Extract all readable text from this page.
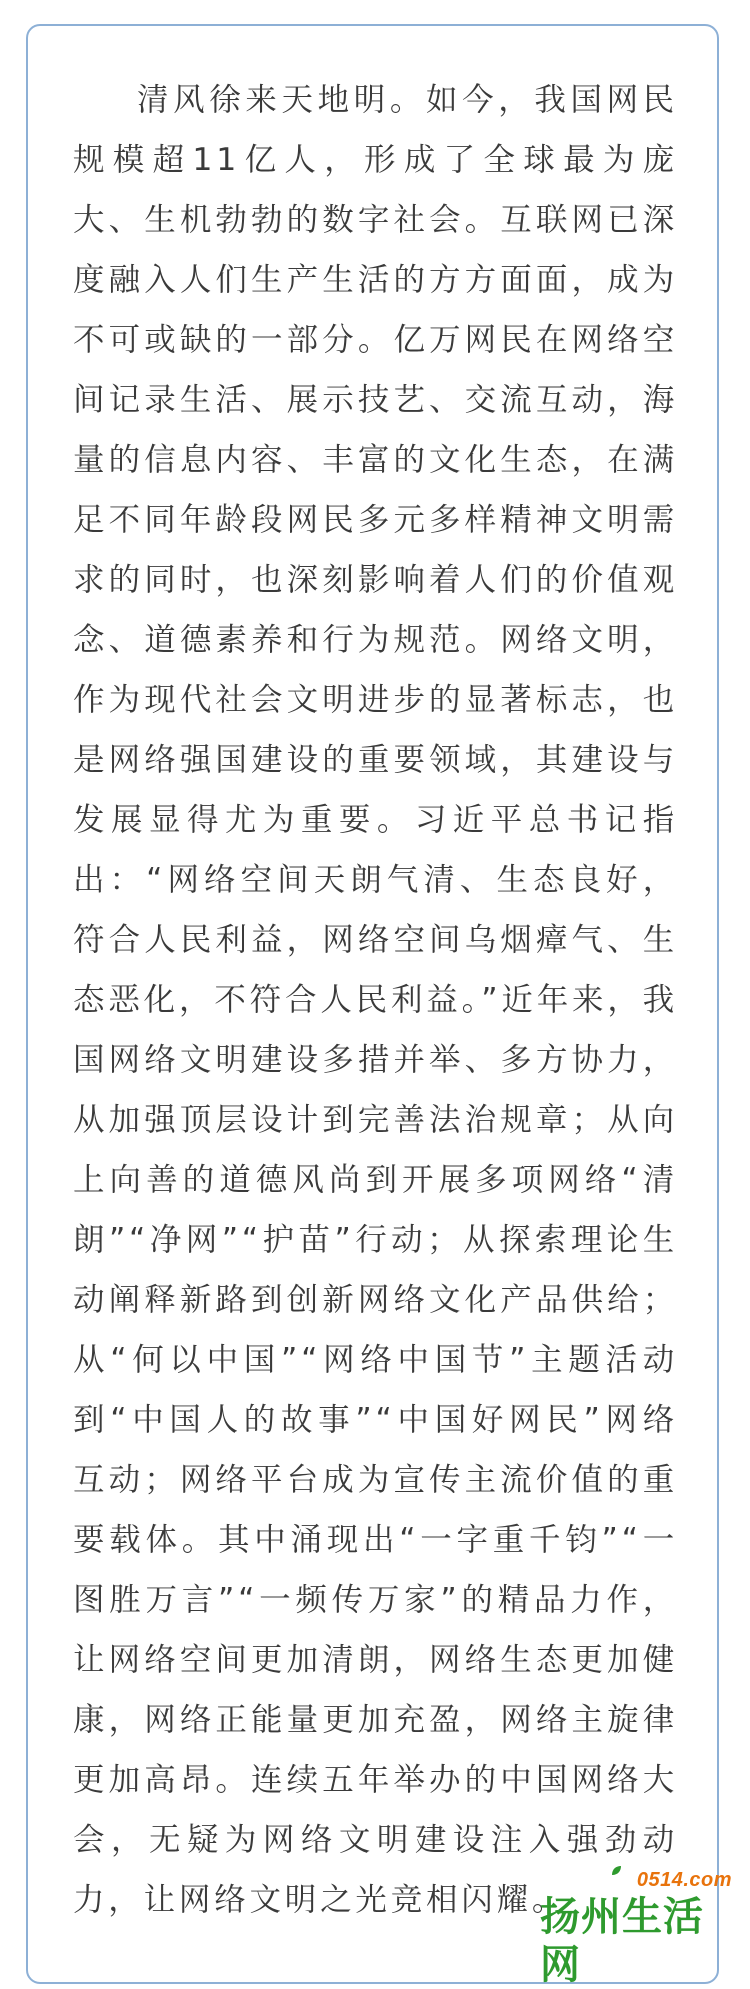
清风徐来天地明。如今，我国网民规模超11亿人，形成了全球最为庞大、生机勃勃的数字社会。互联网已深度融入人们生产生活的方方面面，成为不可或缺的一部分。亿万网民在网络空间记录生活、展示技艺、交流互动，海量的信息内容、丰富的文化生态，在满足不同年龄段网民多元多样精神文明需求的同时，也深刻影响着人们的价值观念、道德素养和行为规范。网络文明，作为现代社会文明进步的显著标志，也是网络强国建设的重要领域，其建设与发展显得尤为重要。习近平总书记指出：“网络空间天朗气清、生态良好，符合人民利益，网络空间乌烟瘴气、生态恶化，不符合人民利益。”近年来，我国网络文明建设多措并举、多方协力，从加强顶层设计到完善法治规章；从向上向善的道德风尚到开展多项网络“清朗”“净网”“护苗”行动；从探索理论生动阐释新路到创新网络文化产品供给；从“何以中国”“网络中国节”主题活动到“中国人的故事”“中国好网民”网络互动；网络平台成为宣传主流价值的重要载体。其中涌现出“一字重千钧”“一图胜万言”“一频传万家”的精品力作，让网络空间更加清朗，网络生态更加健康，网络正能量更加充盈，网络主旋律更加高昂。连续五年举办的中国网络大会，无疑为网络文明建设注入强劲动力，让网络文明之光竞相闪耀。

0514.com
扬州生活网
